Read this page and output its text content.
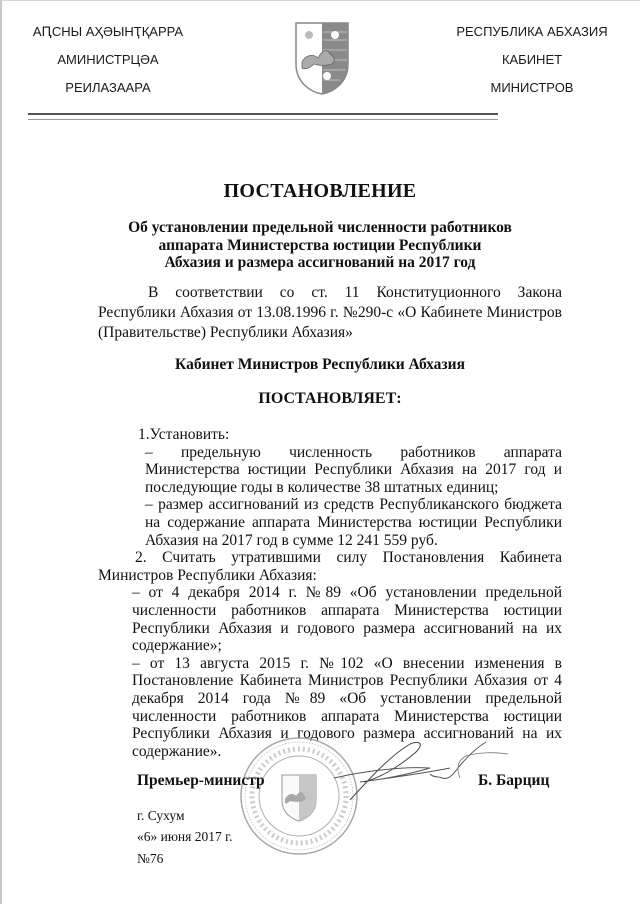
АԤСНЫ АҲƏЫНҬҚАРРА
АМИНИСТРЦƏА
РЕИЛАЗААРА
РЕСПУБЛИКА АБХАЗИЯ
КАБИНЕТ
МИНИСТРОВ
ПОСТАНОВЛЕНИЕ
Об установлении предельной численности работников
аппарата Министерства юстиции Республики
Абхазия и размера ассигнований на 2017 год

В соответствии со ст. 11 Конституционного Закона Республики Абхазия от 13.08.1996 г. №290-с «О Кабинете Министров (Правительстве) Республики Абхазия»

Кабинет Министров Республики Абхазия
ПОСТАНОВЛЯЕТ:

1.Установить:

– предельную численность работников аппарата Министерства юстиции Республики Абхазия на 2017 год и последующие годы в количестве 38 штатных единиц;

– размер ассигнований из средств Республиканского бюджета на содержание аппарата Министерства юстиции Республики Абхазия на 2017 год в сумме 12 241 559 руб.

2. Считать утратившими силу Постановления Кабинета Министров Республики Абхазия:

– от 4 декабря 2014 г. №89 «Об установлении предельной численности работников аппарата Министерства юстиции Республики Абхазия и годового размера ассигнований на их содержание»;

– от 13 августа 2015 г. №102 «О внесении изменения в Постановление Кабинета Министров Республики Абхазия от 4 декабря 2014 года №89 «Об установлении предельной численности работников аппарата Министерства юстиции Республики Абхазия и годового размера ассигнований на их содержание».

Премьер-министр	Б. Барциц
г. Сухум
«6» июня 2017 г.
№76
